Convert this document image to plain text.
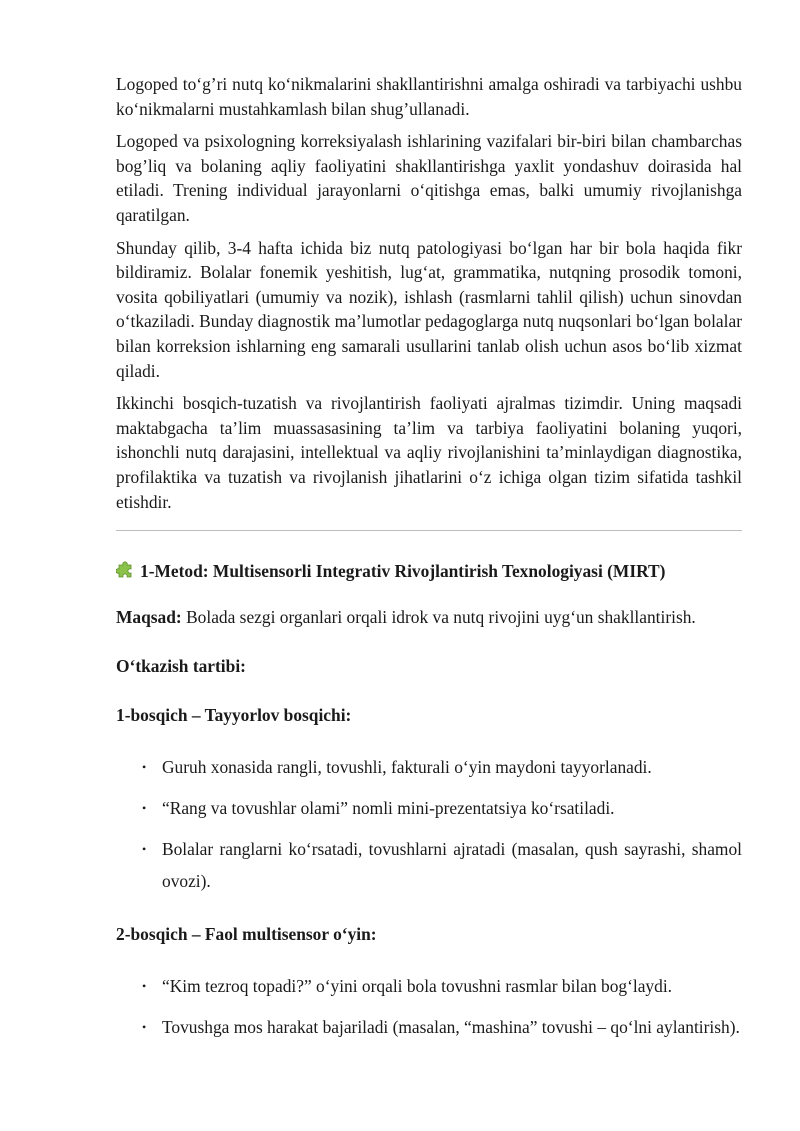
Logoped to‘g’ri nutq ko‘nikmalarini shakllantirishni amalga oshiradi va tarbiyachi ushbu ko‘nikmalarni mustahkamlash bilan shug’ullanadi.

Logoped va psixologning korreksiyalash ishlarining vazifalari bir-biri bilan chambarchas bog’liq va bolaning aqliy faoliyatini shakllantirishga yaxlit yondashuv doirasida hal etiladi. Trening individual jarayonlarni o‘qitishga emas, balki umumiy rivojlanishga qaratilgan.

Shunday qilib, 3-4 hafta ichida biz nutq patologiyasi bo‘lgan har bir bola haqida fikr bildiramiz. Bolalar fonemik yeshitish, lug‘at, grammatika, nutqning prosodik tomoni, vosita qobiliyatlari (umumiy va nozik), ishlash (rasmlarni tahlil qilish) uchun sinovdan o‘tkaziladi. Bunday diagnostik ma’lumotlar pedagoglarga nutq nuqsonlari bo‘lgan bolalar bilan korreksion ishlarning eng samarali usullarini tanlab olish uchun asos bo‘lib xizmat qiladi.

Ikkinchi bosqich-tuzatish va rivojlantirish faoliyati ajralmas tizimdir. Uning maqsadi maktabgacha ta’lim muassasasining ta’lim va tarbiya faoliyatini bolaning yuqori, ishonchli nutq darajasini, intellektual va aqliy rivojlanishini ta’minlaydigan diagnostika, profilaktika va tuzatish va rivojlanish jihatlarini o‘z ichiga olgan tizim sifatida tashkil etishdir.

1-Metod: Multisensorli Integrativ Rivojlantirish Texnologiyasi (MIRT)
Maqsad: Bolada sezgi organlari orqali idrok va nutq rivojini uyg‘un shakllantirish.
O‘tkazish tartibi:
1-bosqich – Tayyorlov bosqichi:
• Guruh xonasida rangli, tovushli, fakturali o‘yin maydoni tayyorlanadi.
• “Rang va tovushlar olami” nomli mini-prezentatsiya ko‘rsatiladi.
• Bolalar ranglarni ko‘rsatadi, tovushlarni ajratadi (masalan, qush sayrashi, shamol ovozi).
2-bosqich – Faol multisensor o‘yin:
• “Kim tezroq topadi?” o‘yini orqali bola tovushni rasmlar bilan bog‘laydi.
• Tovushga mos harakat bajariladi (masalan, “mashina” tovushi – qo‘lni aylantirish).
